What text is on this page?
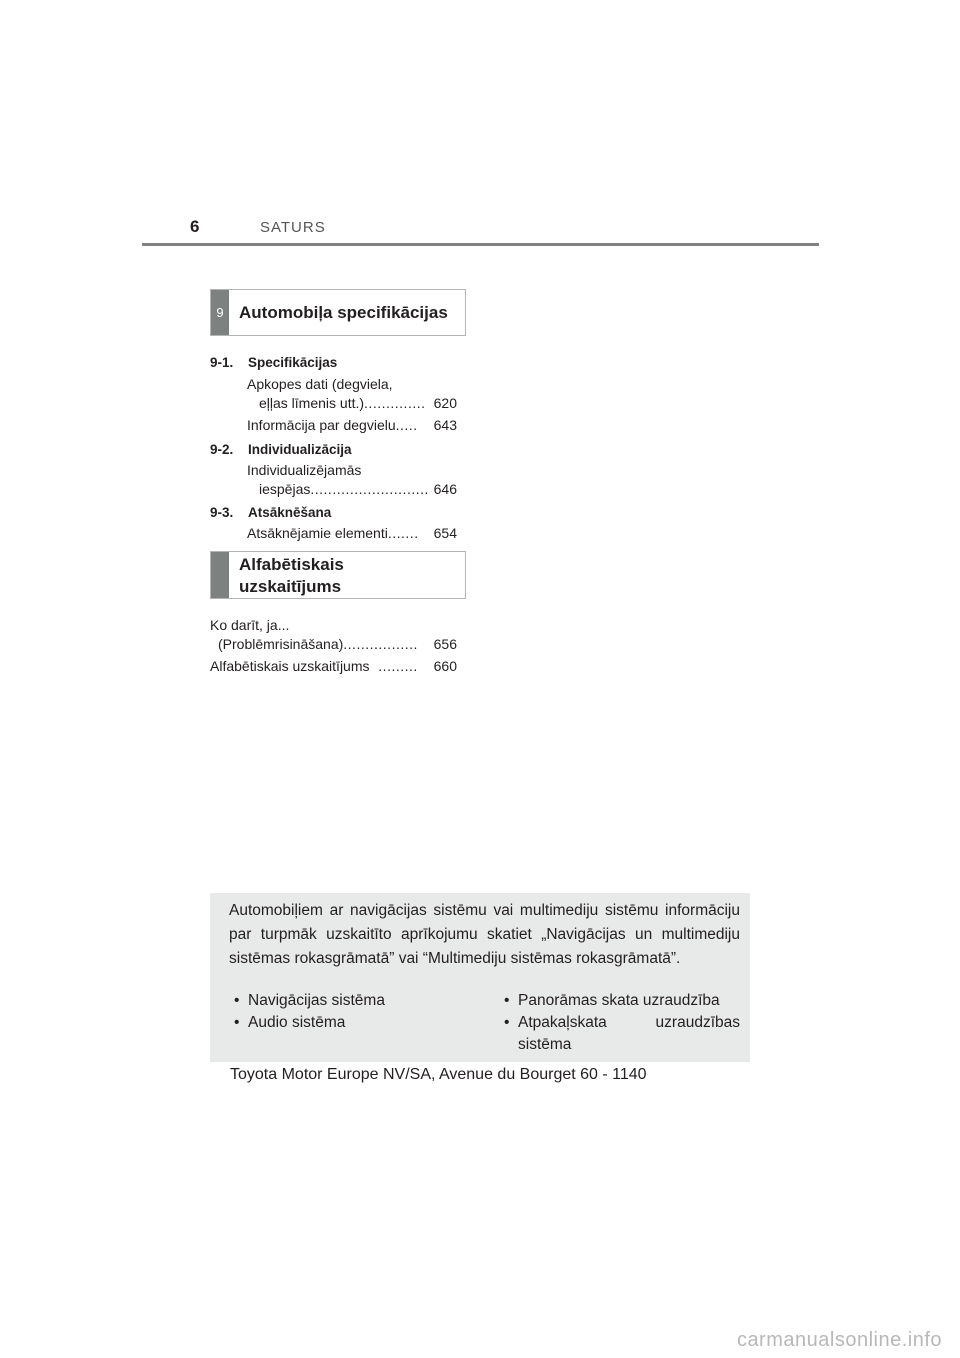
6	SATURS
9 Automobiļa specifikācijas
9-1. Specifikācijas
Apkopes dati (degviela,
eļļas līmenis utt.) .............. 620
Informācija par degvielu .....	643
9-2. Individualizācija
Individualizējamās
iespējas ........................... 646
9-3. Atsāknēšana
Atsāknējamie elementi .......	654
Alfabētiskais
uzskaitījums
Ko darīt, ja...
(Problēmrisināšana) .................	656
Alfabētiskais uzskaitījums .........	660
Automobiļiem ar navigācijas sistēmu vai multimediju sistēmu informāciju par turpmāk uzskaitīto aprīkojumu skatiet „Navigācijas un multimediju sistēmas rokasgrāmatā” vai “Multimediju sistēmas rokasgrāmatā”.
• Navigācijas sistēma
• Audio sistēma
• Panorāmas skata uzraudzība
• Atpakaļskata uzraudzības
sistēma
Toyota Motor Europe NV/SA, Avenue du Bourget 60 - 1140
carmanualsonline.info
